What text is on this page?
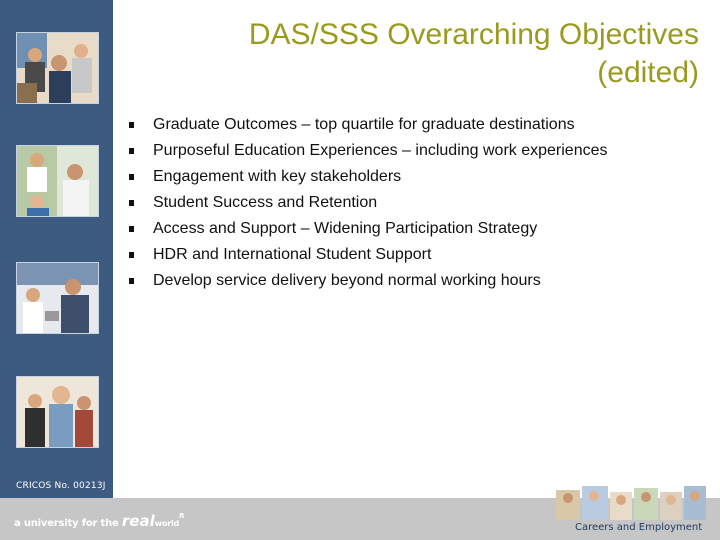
CRICOS No. 00213J
a university for the realworld$^R$
Careers and Employment
DAS/SSS Overarching Objectives (edited)
Graduate Outcomes – top quartile for graduate destinations
Purposeful Education Experiences – including work experiences
Engagement with key stakeholders
Student Success and Retention
Access and Support – Widening Participation Strategy
HDR and International Student Support
Develop service delivery beyond normal working hours
